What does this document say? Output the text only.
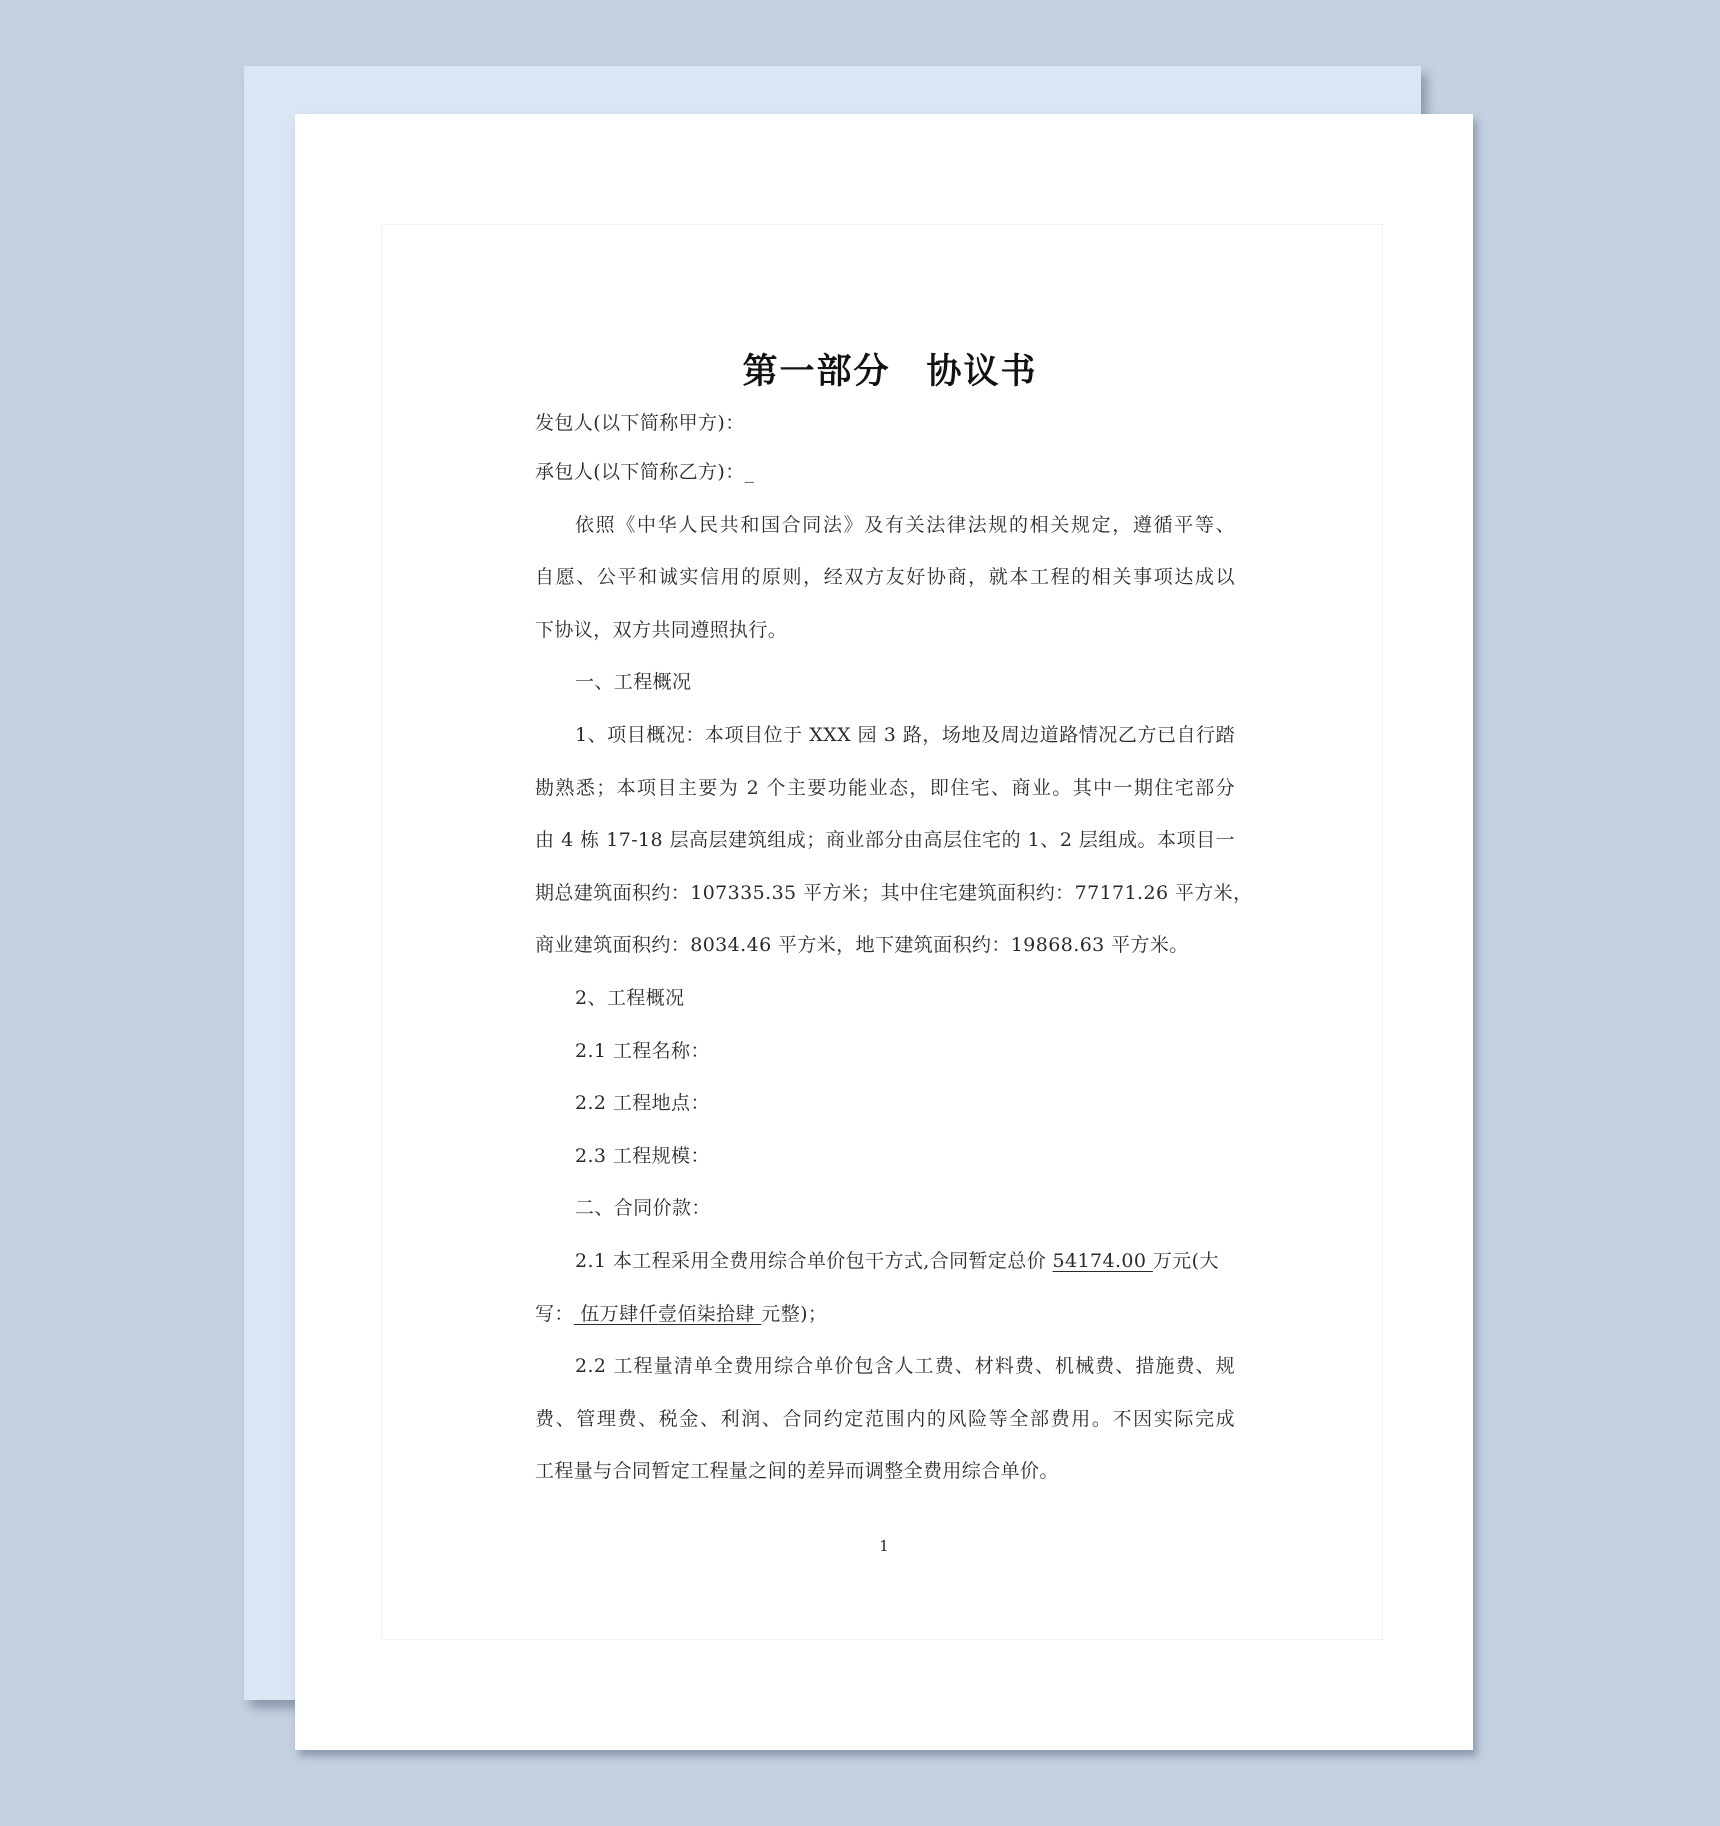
第一部分 协议书
发包人(以下简称甲方)：
承包人(以下简称乙方)：_
依照《中华人民共和国合同法》及有关法律法规的相关规定，遵循平等、
自愿、公平和诚实信用的原则，经双方友好协商，就本工程的相关事项达成以
下协议，双方共同遵照执行。
一、工程概况
1、项目概况：本项目位于 XXX 园 3 路，场地及周边道路情况乙方已自行踏
勘熟悉；本项目主要为 2 个主要功能业态，即住宅、商业。其中一期住宅部分
由 4 栋 17-18 层高层建筑组成；商业部分由高层住宅的 1、2 层组成。本项目一
期总建筑面积约：107335.35 平方米；其中住宅建筑面积约：77171.26 平方米，
商业建筑面积约：8034.46 平方米，地下建筑面积约：19868.63 平方米。
2、工程概况
2.1 工程名称：
2.2 工程地点：
2.3 工程规模：
二、合同价款：
2.1 本工程采用全费用综合单价包干方式,合同暂定总价 54174.00 万元(大
写： 伍万肆仟壹佰柒拾肆 元整)；
2.2 工程量清单全费用综合单价包含人工费、材料费、机械费、措施费、规
费、管理费、税金、利润、合同约定范围内的风险等全部费用。不因实际完成
工程量与合同暂定工程量之间的差异而调整全费用综合单价。
1
